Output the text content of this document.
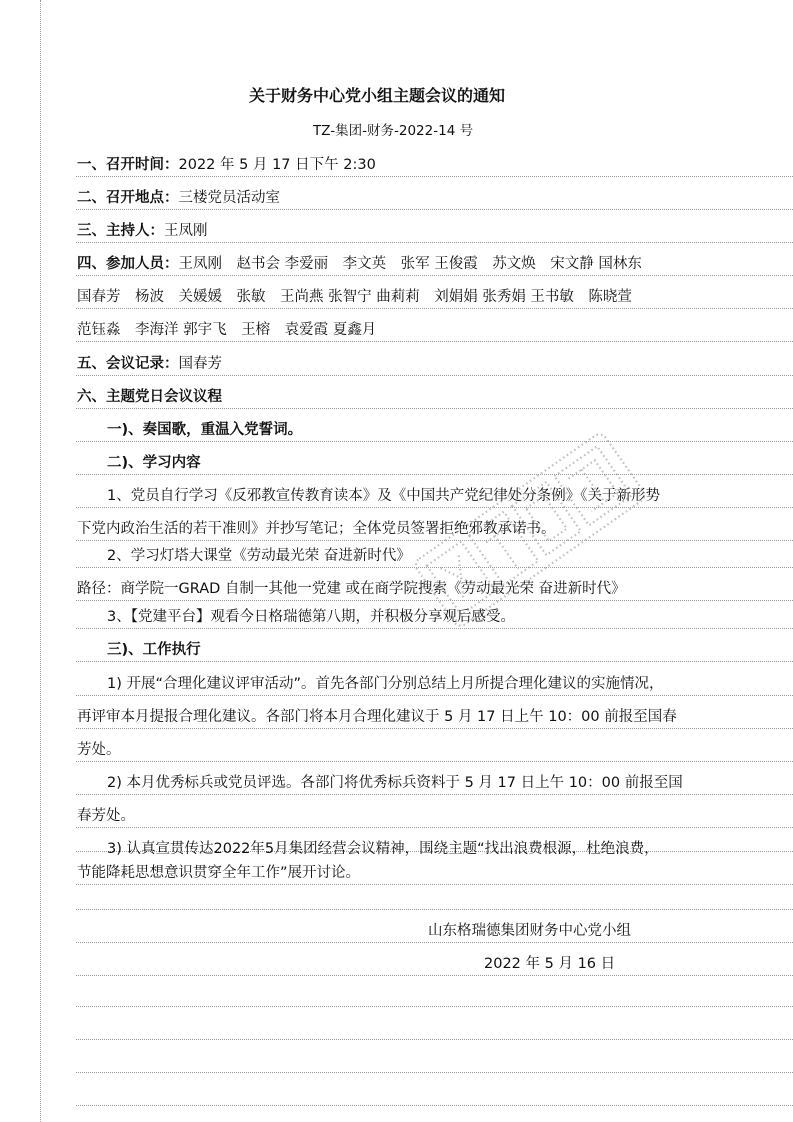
关于财务中心党小组主题会议的通知
TZ-集团-财务-2022-14 号
一、召开时间：2022 年 5 月 17 日下午 2:30
二、召开地点：三楼党员活动室
三、主持人：王凤刚
四、参加人员：王凤刚　赵书会 李爱丽　李文英　张军 王俊霞　苏文焕　宋文静 国林东
国春芳　杨波　关媛媛　张敏　王尚燕 张智宁 曲莉莉　刘娟娟 张秀娟 王书敏　陈晓萱
范钰淼　李海洋 郭宇飞　王榕　袁爱霞 夏鑫月
五、会议记录：国春芳
六、主题党日会议议程
一)、奏国歌，重温入党誓词。
二)、学习内容
1、党员自行学习《反邪教宣传教育读本》及《中国共产党纪律处分条例》《关于新形势
下党内政治生活的若干准则》并抄写笔记；全体党员签署拒绝邪教承诺书。
2、学习灯塔大课堂《劳动最光荣 奋进新时代》
路径：商学院一GRAD 自制一其他一党建 或在商学院搜索《劳动最光荣 奋进新时代》
3、【党建平台】观看今日格瑞德第八期，并积极分享观后感受。
三)、工作执行
1) 开展“合理化建议评审活动”。首先各部门分别总结上月所提合理化建议的实施情况，
再评审本月提报合理化建议。各部门将本月合理化建议于 5 月 17 日上午 10：00 前报至国春
芳处。
2) 本月优秀标兵或党员评选。各部门将优秀标兵资料于 5 月 17 日上午 10：00 前报至国
春芳处。
3) 认真宣贯传达2022年5月集团经营会议精神，围绕主题“找出浪费根源，杜绝浪费，
节能降耗思想意识贯穿全年工作”展开讨论。
山东格瑞德集团财务中心党小组
2022 年 5 月 16 日
